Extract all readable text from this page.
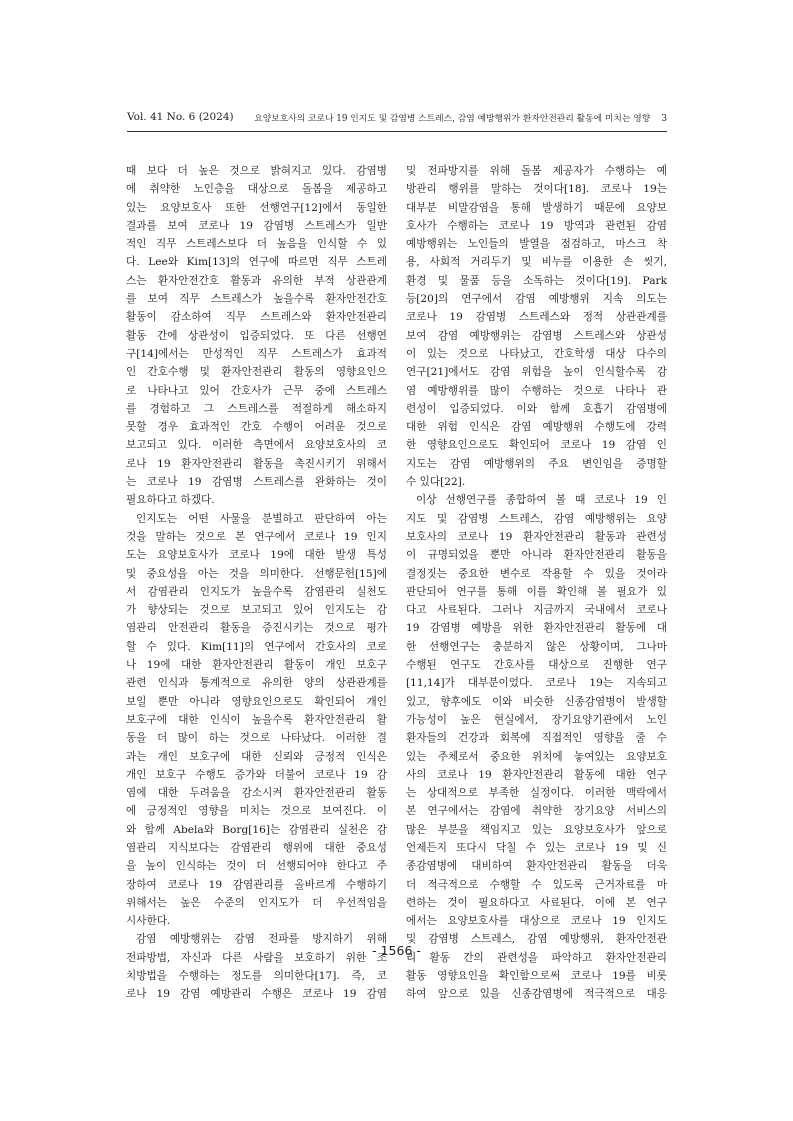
Vol. 41 No. 6 (2024) 요양보호사의 코로나 19 인지도 및 감염병 스트레스, 감염 예방행위가 환자안전관리 활동에 미치는 영향 3
때 보다 더 높은 것으로 밝혀지고 있다. 감염병
에 취약한 노인층을 대상으로 돌봄을 제공하고
있는 요양보호사 또한 선행연구[12]에서 동일한
결과를 보여 코로나 19 감염병 스트레스가 일반
적인 직무 스트레스보다 더 높음을 인식할 수 있
다. Lee와 Kim[13]의 연구에 따르면 직무 스트레
스는 환자안전간호 활동과 유의한 부적 상관관계
를 보여 직무 스트레스가 높을수록 환자안전간호
활동이 감소하여 직무 스트레스와 환자안전관리
활동 간에 상관성이 입증되었다. 또 다른 선행연
구[14]에서는 만성적인 직무 스트레스가 효과적
인 간호수행 및 환자안전관리 활동의 영향요인으
로 나타나고 있어 간호사가 근무 중에 스트레스
를 경험하고 그 스트레스를 적절하게 해소하지
못할 경우 효과적인 간호 수행이 어려운 것으로
보고되고 있다. 이러한 측면에서 요양보호사의 코
로나 19 환자안전관리 활동을 촉진시키기 위해서
는 코로나 19 감염병 스트레스를 완화하는 것이
필요하다고 하겠다.
인지도는 어떤 사물을 분별하고 판단하여 아는
것을 말하는 것으로 본 연구에서 코로나 19 인지
도는 요양보호사가 코로나 19에 대한 발생 특성
및 중요성을 아는 것을 의미한다. 선행문헌[15]에
서 감염관리 인지도가 높을수록 감염관리 실천도
가 향상되는 것으로 보고되고 있어 인지도는 감
염관리 안전관리 활동을 증진시키는 것으로 평가
할 수 있다. Kim[11]의 연구에서 간호사의 코로
나 19에 대한 환자안전관리 활동이 개인 보호구
관련 인식과 통계적으로 유의한 양의 상관관계를
보일 뿐만 아니라 영향요인으로도 확인되어 개인
보호구에 대한 인식이 높을수록 환자안전관리 활
동을 더 많이 하는 것으로 나타났다. 이러한 결
과는 개인 보호구에 대한 신뢰와 긍정적 인식은
개인 보호구 수행도 증가와 더불어 코로나 19 감
염에 대한 두려움을 감소시켜 환자안전관리 활동
에 긍정적인 영향을 미치는 것으로 보여진다. 이
와 함께 Abela와 Borg[16]는 감염관리 실천은 감
염관리 지식보다는 감염관리 행위에 대한 중요성
을 높이 인식하는 것이 더 선행되어야 한다고 주
장하여 코로나 19 감염관리를 올바르게 수행하기
위해서는 높은 수준의 인지도가 더 우선적임을
시사한다.
감염 예방행위는 감염 전파를 방지하기 위해
전파방법, 자신과 다른 사람을 보호하기 위한 조
치방법을 수행하는 정도를 의미한다[17]. 즉, 코
로나 19 감염 예방관리 수행은 코로나 19 감염
및 전파방지를 위해 돌봄 제공자가 수행하는 예
방관리 행위를 말하는 것이다[18]. 코로나 19는
대부분 비말감염을 통해 발생하기 때문에 요양보
호사가 수행하는 코로나 19 방역과 관련된 감염
예방행위는 노인들의 발열을 점검하고, 마스크 착
용, 사회적 거리두기 및 비누를 이용한 손 씻기,
환경 및 물품 등을 소독하는 것이다[19]. Park
등[20]의 연구에서 감염 예방행위 지속 의도는
코로나 19 감염병 스트레스와 정적 상관관계를
보여 감염 예방행위는 감염병 스트레스와 상관성
이 있는 것으로 나타났고, 간호학생 대상 다수의
연구[21]에서도 감염 위험을 높이 인식할수록 감
염 예방행위를 많이 수행하는 것으로 나타나 관
련성이 입증되었다. 이와 함께 호흡기 감염병에
대한 위험 인식은 감염 예방행위 수행도에 강력
한 영향요인으로도 확인되어 코로나 19 감염 인
지도는 감염 예방행위의 주요 변인임을 증명할
수 있다[22].
이상 선행연구를 종합하여 볼 때 코로나 19 인
지도 및 감염병 스트레스, 감염 예방행위는 요양
보호사의 코로나 19 환자안전관리 활동과 관련성
이 규명되었을 뿐만 아니라 환자안전관리 활동을
결정짓는 중요한 변수로 작용할 수 있을 것이라
판단되어 연구를 통해 이를 확인해 볼 필요가 있
다고 사료된다. 그러나 지금까지 국내에서 코로나
19 감염병 예방을 위한 환자안전관리 활동에 대
한 선행연구는 충분하지 않은 상황이며, 그나마
수행된 연구도 간호사를 대상으로 진행한 연구
[11,14]가 대부분이었다. 코로나 19는 지속되고
있고, 향후에도 이와 비슷한 신종감염병이 발생할
가능성이 높은 현실에서, 장기요양기관에서 노인
환자들의 건강과 회복에 직접적인 영향을 줄 수
있는 주체로서 중요한 위치에 놓여있는 요양보호
사의 코로나 19 환자안전관리 활동에 대한 연구
는 상대적으로 부족한 실정이다. 이러한 맥락에서
본 연구에서는 감염에 취약한 장기요양 서비스의
많은 부분을 책임지고 있는 요양보호사가 앞으로
언제든지 또다시 닥칠 수 있는 코로나 19 및 신
종감염병에 대비하여 환자안전관리 활동을 더욱
더 적극적으로 수행할 수 있도록 근거자료를 마
련하는 것이 필요하다고 사료된다. 이에 본 연구
에서는 요양보호사를 대상으로 코로나 19 인지도
및 감염병 스트레스, 감염 예방행위, 환자안전관
리 활동 간의 관련성을 파악하고 환자안전관리
활동 영향요인을 확인함으로써 코로나 19를 비롯
하여 앞으로 있을 신종감염병에 적극적으로 대응
- 1566 -
